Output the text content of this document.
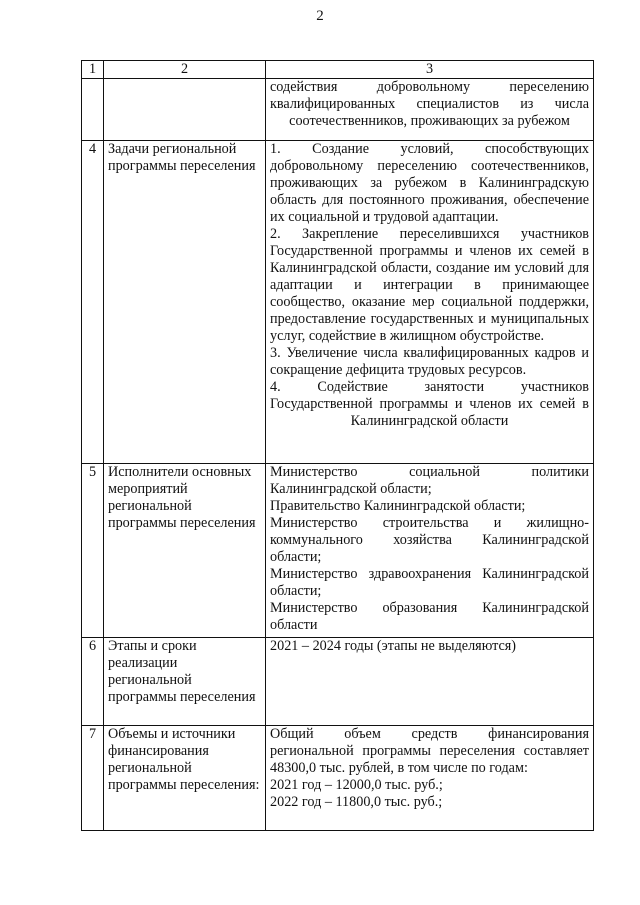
2
1	2	3

		содействия добровольному переселению квалифицированных специалистов из числа соотечественников, проживающих за рубежом

4	Задачи региональной программы переселения	1. Создание условий, способствующих добровольному переселению соотечественников, проживающих за рубежом в Калининградскую область для постоянного проживания, обеспечение их социальной и трудовой адаптации.

2. Закрепление переселившихся участников Государственной программы и членов их семей в Калининградской области, создание им условий для адаптации и интеграции в принимающее сообщество, оказание мер социальной поддержки, предоставление государственных и муниципальных услуг, содействие в жилищном обустройстве.

3. Увеличение числа квалифицированных кадров и сокращение дефицита трудовых ресурсов.

4. Содействие занятости участников Государственной программы и членов их семей в Калининградской области

5	Исполнители основных мероприятий региональной программы переселения	Министерство социальной политики Калининградской области;

Правительство Калининградской области;

Министерство строительства и жилищно-коммунального хозяйства Калининградской области;

Министерство здравоохранения Калининградской области;

Министерство образования Калининградской области

6	Этапы и сроки реализации региональной программы переселения	2021 – 2024 годы (этапы не выделяются)

7	Объемы и источники финансирования региональной программы переселения:	Общий объем средств финансирования региональной программы переселения составляет 48300,0 тыс. рублей, в том числе по годам:

2021 год – 12000,0 тыс. руб.;

2022 год – 11800,0 тыс. руб.;
